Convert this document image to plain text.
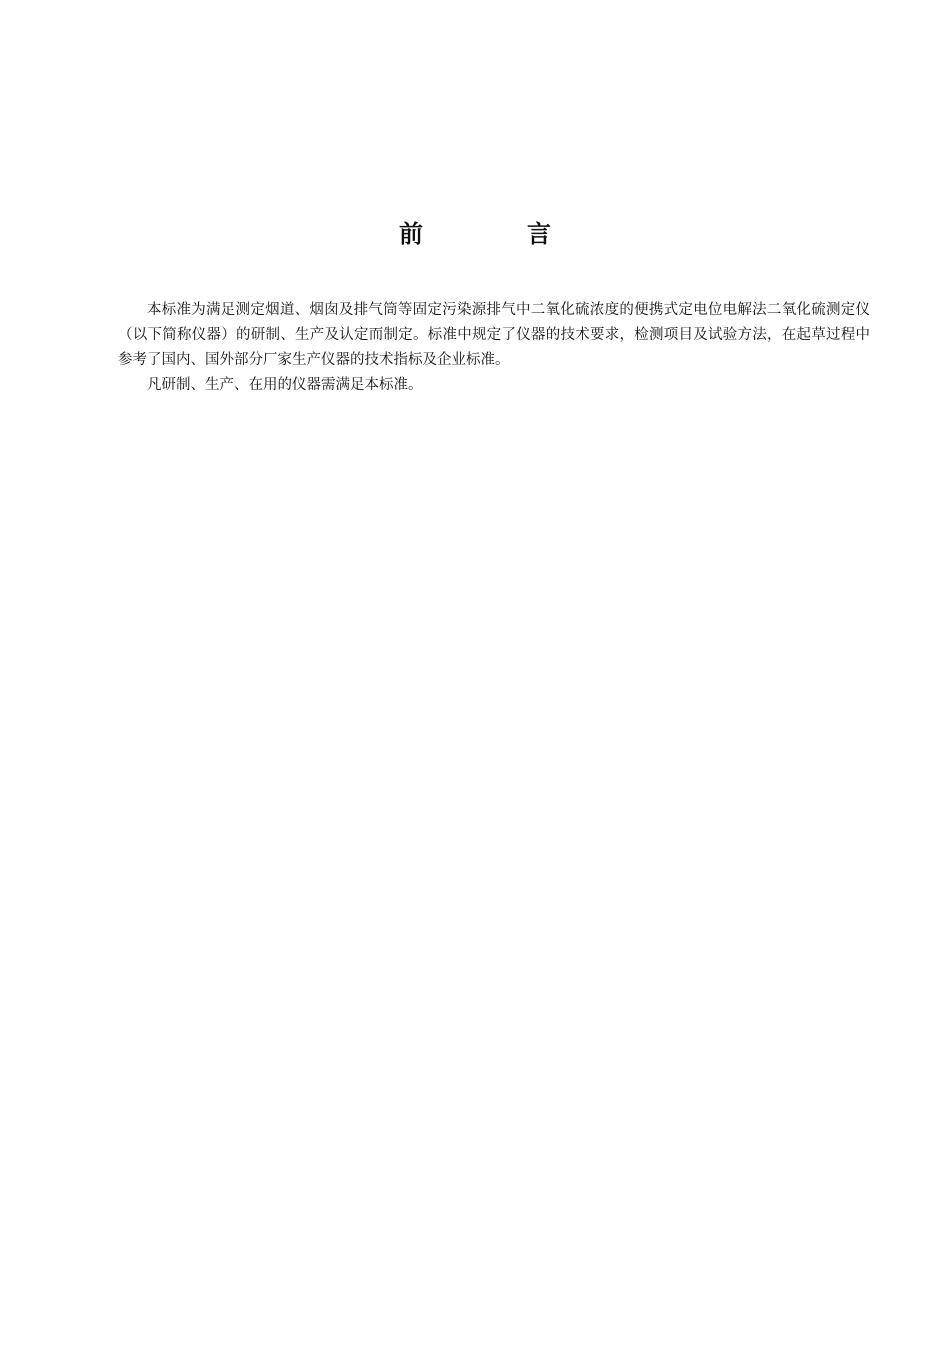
前　言

本标准为满足测定烟道、烟囱及排气筒等固定污染源排气中二氧化硫浓度的便携式定电位电解法二氧化硫测定仪（以下简称仪器）的研制、生产及认定而制定。标准中规定了仪器的技术要求，检测项目及试验方法，在起草过程中参考了国内、国外部分厂家生产仪器的技术指标及企业标准。

凡研制、生产、在用的仪器需满足本标准。
